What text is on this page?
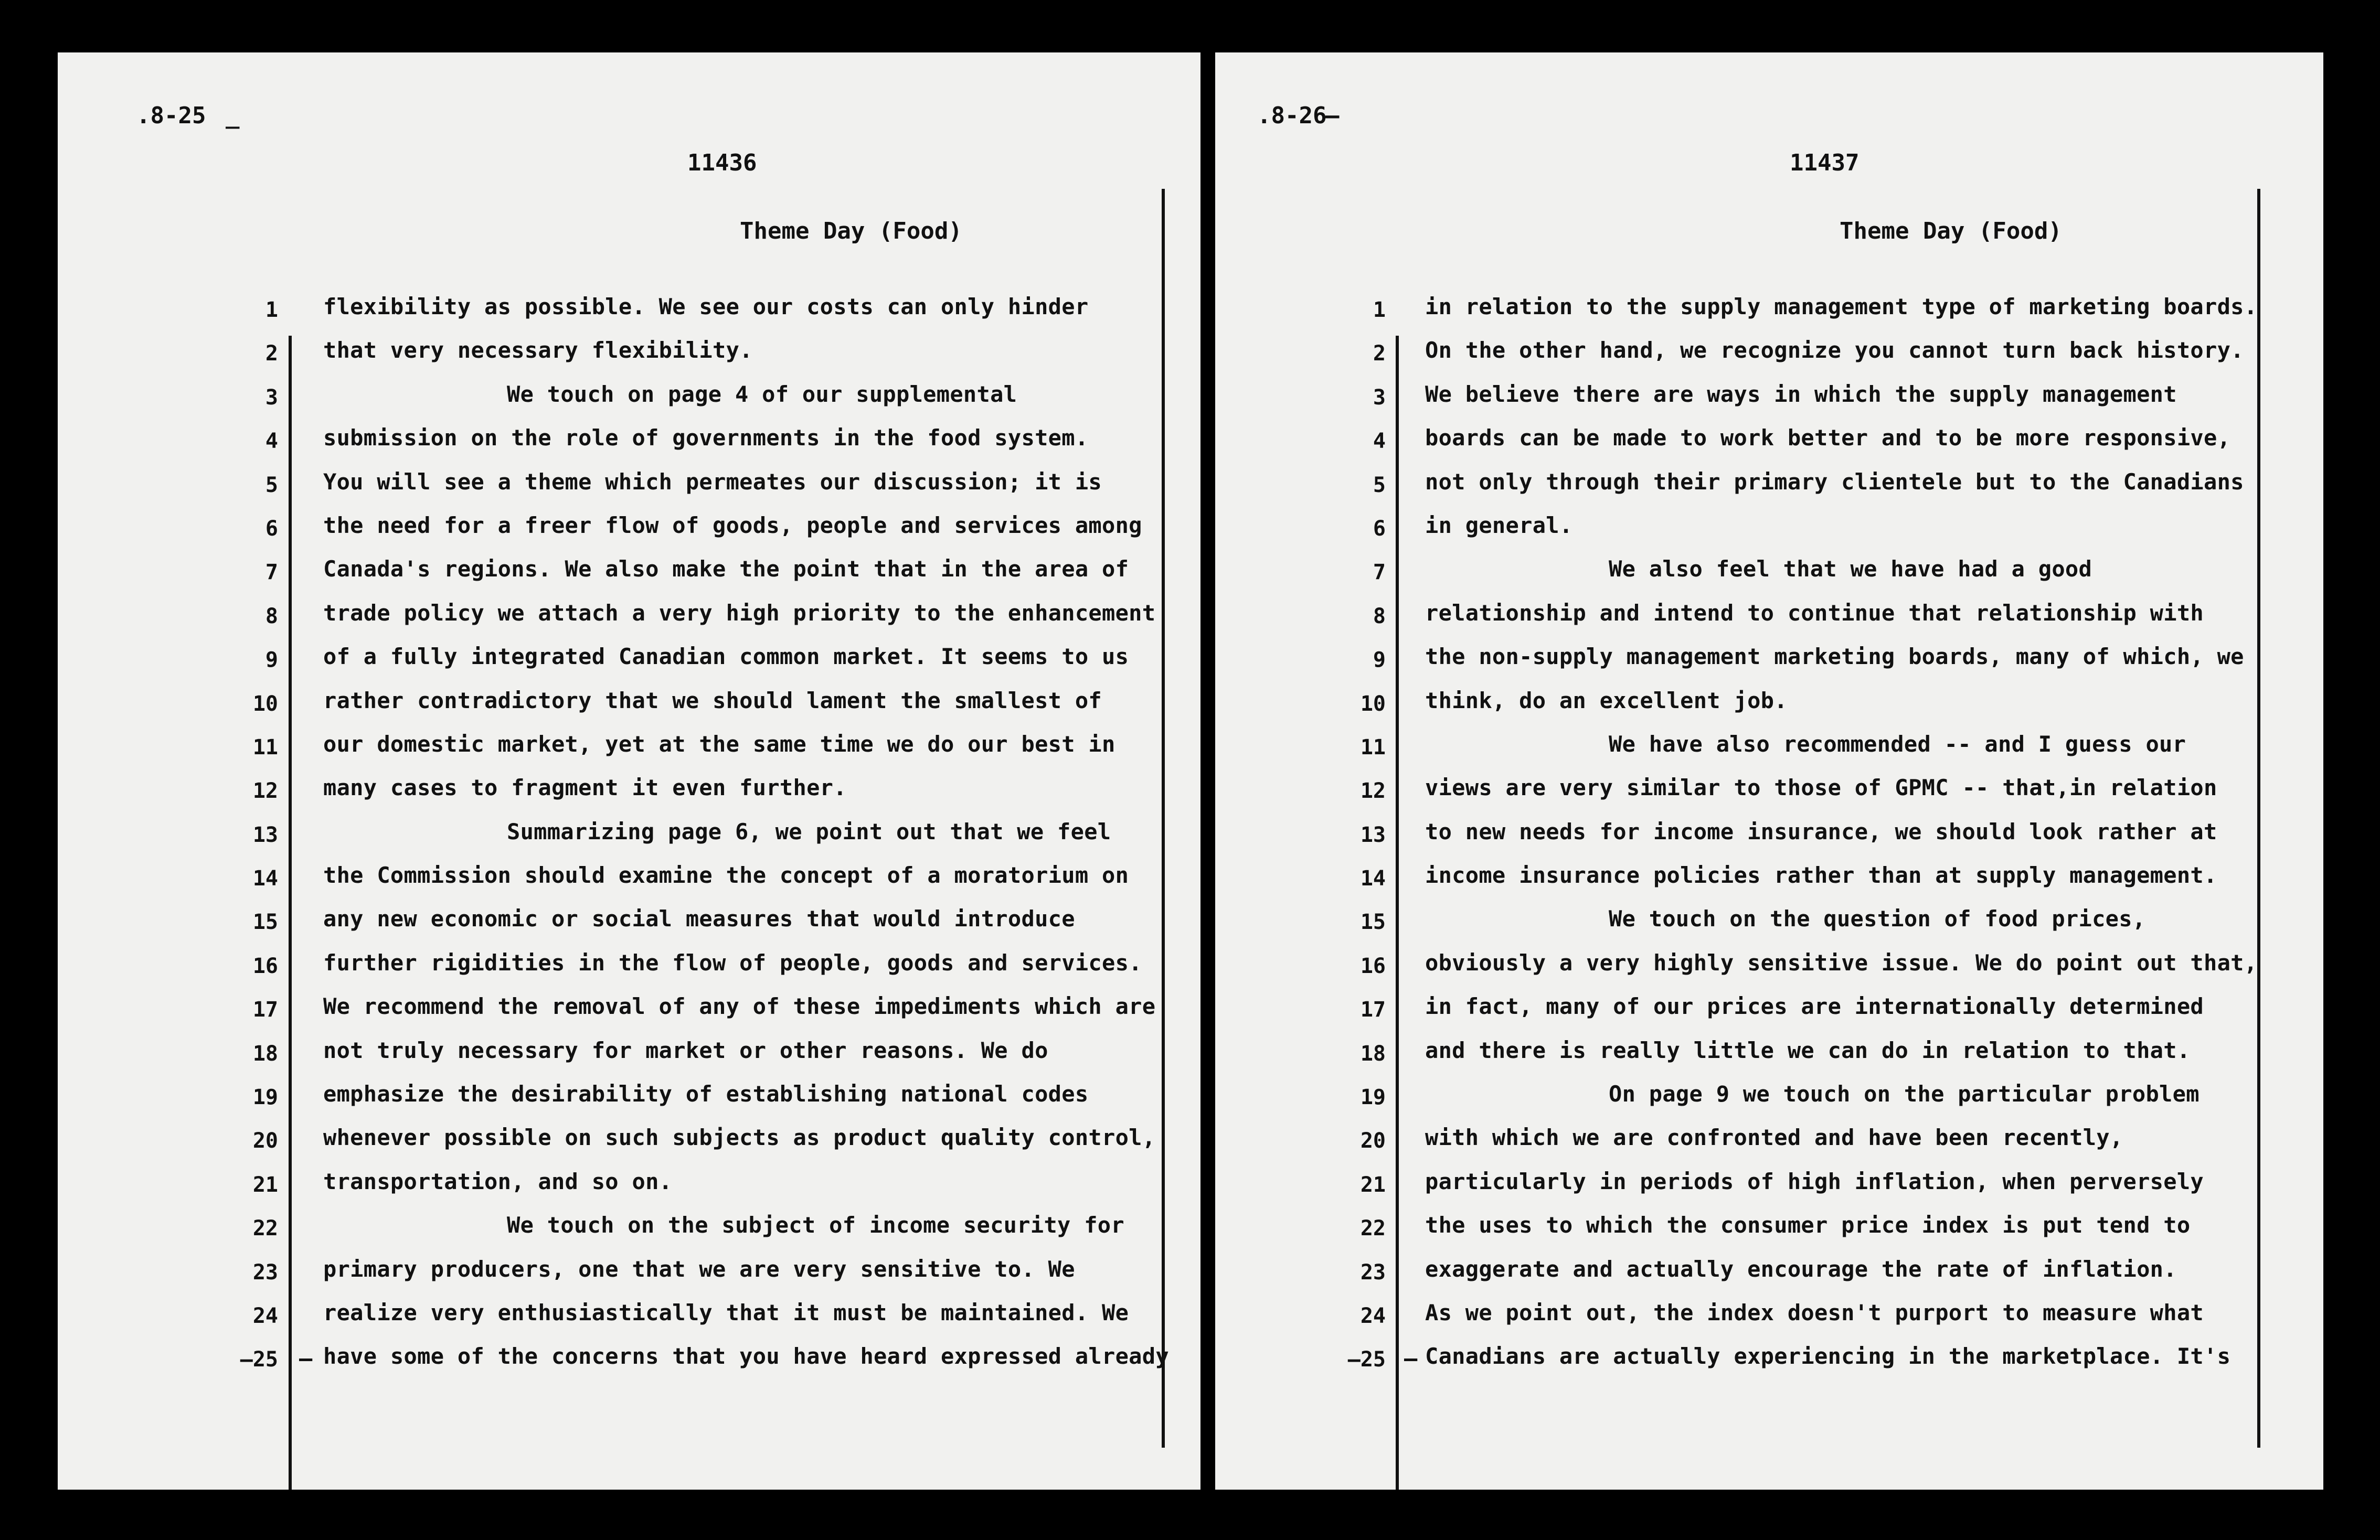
.8-25 _
11436
Theme Day (Food)
1 flexibility as possible. We see our costs can only hinder
2 that very necessary flexibility.
3	We touch on page 4 of our supplemental
4 submission on the role of governments in the food system.
5 You will see a theme which permeates our discussion; it is
6 the need for a freer flow of goods, people and services among
7 Canada's regions. We also make the point that in the area of
8 trade policy we attach a very high priority to the enhancement
9 of a fully integrated Canadian common market. It seems to us
10 rather contradictory that we should lament the smallest of
11 our domestic market, yet at the same time we do our best in
12 many cases to fragment it even further.
13	Summarizing page 6, we point out that we feel
14 the Commission should examine the concept of a moratorium on
15 any new economic or social measures that would introduce
16 further rigidities in the flow of people, goods and services.
17 We recommend the removal of any of these impediments which are
18 not truly necessary for market or other reasons. We do
19 emphasize the desirability of establishing national codes
20 whenever possible on such subjects as product quality control,
21 transportation, and so on.
22	We touch on the subject of income security for
23 primary producers, one that we are very sensitive to. We
24 realize very enthusiastically that it must be maintained. We
—25 — have some of the concerns that you have heard expressed already
.8-26
—
11437
Theme Day (Food)
1 in relation to the supply management type of marketing boards.
2 On the other hand, we recognize you cannot turn back history.
3 We believe there are ways in which the supply management
4 boards can be made to work better and to be more responsive,
5 not only through their primary clientele but to the Canadians
6 in general.
7	We also feel that we have had a good
8 relationship and intend to continue that relationship with
9 the non-supply management marketing boards, many of which, we
10 think, do an excellent job.
11	We have also recommended -- and I guess our
12 views are very similar to those of GPMC -- that,in relation
13 to new needs for income insurance, we should look rather at
14 income insurance policies rather than at supply management.
15	We touch on the question of food prices,
16 obviously a very highly sensitive issue. We do point out that,
17 in fact, many of our prices are internationally determined
18 and there is really little we can do in relation to that.
19	On page 9 we touch on the particular problem
20 with which we are confronted and have been recently,
21 particularly in periods of high inflation, when perversely
22 the uses to which the consumer price index is put tend to
23 exaggerate and actually encourage the rate of inflation.
24 As we point out, the index doesn't purport to measure what
—25 — Canadians are actually experiencing in the marketplace. It's
